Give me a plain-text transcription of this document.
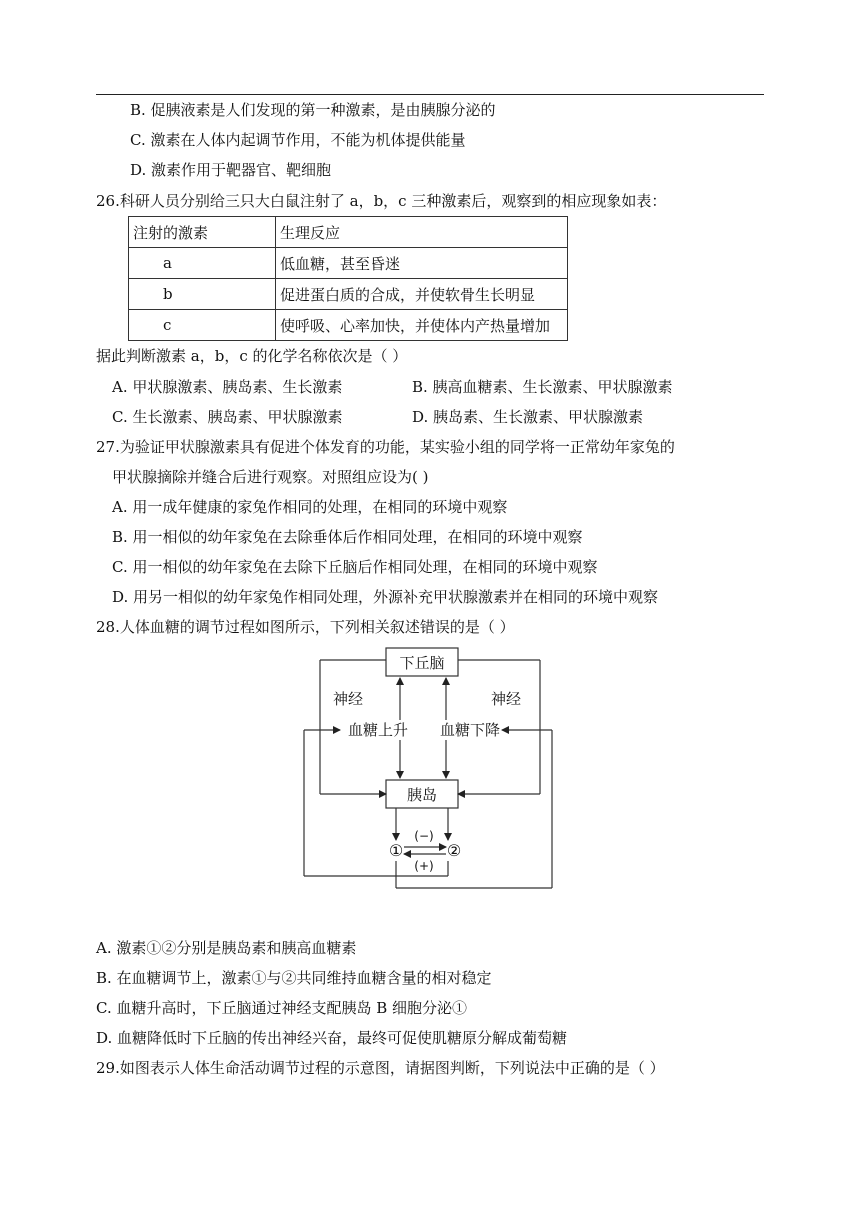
B. 促胰液素是人们发现的第一种激素，是由胰腺分泌的
C. 激素在人体内起调节作用，不能为机体提供能量
D. 激素作用于靶器官、靶细胞
26.科研人员分别给三只大白鼠注射了 a，b，c 三种激素后，观察到的相应现象如表：
注射的激素	生理反应
a	低血糖，甚至昏迷
b	促进蛋白质的合成，并使软骨生长明显
c	使呼吸、心率加快，并使体内产热量增加
据此判断激素 a，b，c 的化学名称依次是（ ）
A. 甲状腺激素、胰岛素、生长激素	B. 胰高血糖素、生长激素、甲状腺激素
C. 生长激素、胰岛素、甲状腺激素	D. 胰岛素、生长激素、甲状腺激素
27.为验证甲状腺激素具有促进个体发育的功能，某实验小组的同学将一正常幼年家兔的
甲状腺摘除并缝合后进行观察。对照组应设为( )
A. 用一成年健康的家兔作相同的处理，在相同的环境中观察
B. 用一相似的幼年家兔在去除垂体后作相同处理，在相同的环境中观察
C. 用一相似的幼年家兔在去除下丘脑后作相同处理，在相同的环境中观察
D. 用另一相似的幼年家兔作相同处理，外源补充甲状腺激素并在相同的环境中观察
28.人体血糖的调节过程如图所示，下列相关叙述错误的是（ ）
下丘脑
神经	神经
血糖上升 血糖下降
胰岛
(−)
(+)
①	②
A. 激素①②分别是胰岛素和胰高血糖素
B. 在血糖调节上，激素①与②共同维持血糖含量的相对稳定
C. 血糖升高时，下丘脑通过神经支配胰岛 B 细胞分泌①
D. 血糖降低时下丘脑的传出神经兴奋，最终可促使肌糖原分解成葡萄糖
29.如图表示人体生命活动调节过程的示意图，请据图判断，下列说法中正确的是（ ）
